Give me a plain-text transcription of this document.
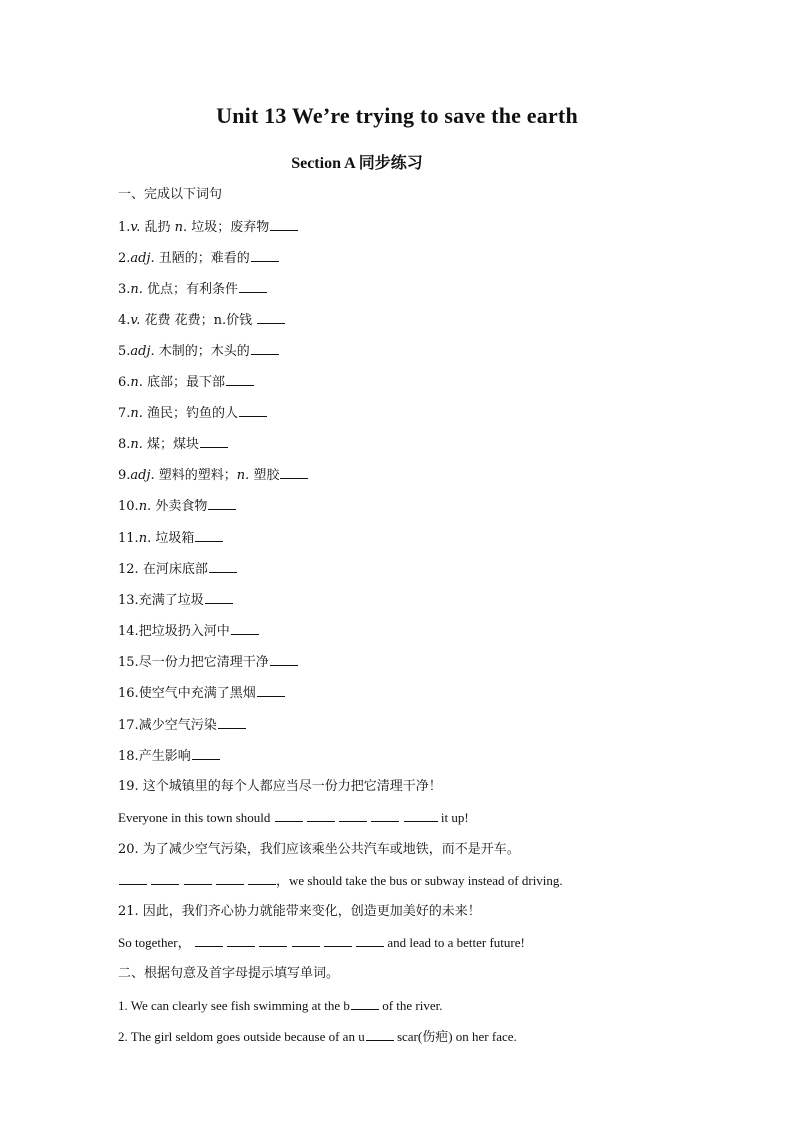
Unit 13 We’re trying to save the earth
Section A 同步练习
一、完成以下词句
1.v. 乱扔 n. 垃圾；废弃物
2.adj. 丑陋的；难看的
3.n. 优点；有利条件
4.v. 花费 花费；n.价钱
5.adj. 木制的；木头的
6.n. 底部；最下部
7.n. 渔民；钓鱼的人
8.n. 煤；煤块
9.adj. 塑料的塑料；n. 塑胶
10.n. 外卖食物
11.n. 垃圾箱
12. 在河床底部
13.充满了垃圾
14.把垃圾扔入河中
15.尽一份力把它清理干净
16.使空气中充满了黑烟
17.减少空气污染
18.产生影响
19. 这个城镇里的每个人都应当尽一份力把它清理干净！
Everyone in this town should	it up!
20. 为了减少空气污染，我们应该乘坐公共汽车或地铁，而不是开车。
，we should take the bus or subway instead of driving.
21. 因此，我们齐心协力就能带来变化，创造更加美好的未来！
So together，	and lead to a better future!
二、根据句意及首字母提示填写单词。
1. We can clearly see fish swimming at the b of the river.
2. The girl seldom goes outside because of an u scar(伤疤) on her face.
